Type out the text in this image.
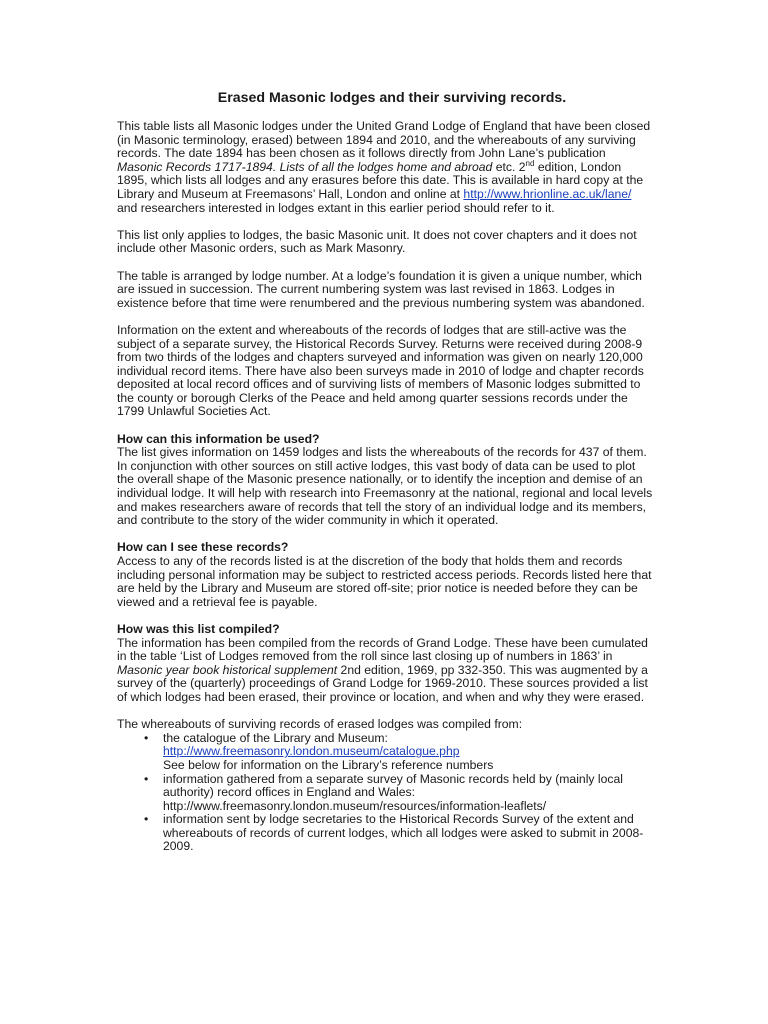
Erased Masonic lodges and their surviving records.

This table lists all Masonic lodges under the United Grand Lodge of England that have been closed (in Masonic terminology, erased) between 1894 and 2010, and the whereabouts of any surviving records. The date 1894 has been chosen as it follows directly from John Lane’s publication Masonic Records 1717-1894. Lists of all the lodges home and abroad etc. 2nd edition, London 1895, which lists all lodges and any erasures before this date. This is available in hard copy at the Library and Museum at Freemasons’ Hall, London and online at http://www.hrionline.ac.uk/lane/ and researchers interested in lodges extant in this earlier period should refer to it.

This list only applies to lodges, the basic Masonic unit. It does not cover chapters and it does not include other Masonic orders, such as Mark Masonry.

The table is arranged by lodge number. At a lodge’s foundation it is given a unique number, which are issued in succession. The current numbering system was last revised in 1863. Lodges in existence before that time were renumbered and the previous numbering system was abandoned.

Information on the extent and whereabouts of the records of lodges that are still-active was the subject of a separate survey, the Historical Records Survey. Returns were received during 2008-9 from two thirds of the lodges and chapters surveyed and information was given on nearly 120,000 individual record items. There have also been surveys made in 2010 of lodge and chapter records deposited at local record offices and of surviving lists of members of Masonic lodges submitted to the county or borough Clerks of the Peace and held among quarter sessions records under the 1799 Unlawful Societies Act.

How can this information be used?
The list gives information on 1459 lodges and lists the whereabouts of the records for 437 of them. In conjunction with other sources on still active lodges, this vast body of data can be used to plot the overall shape of the Masonic presence nationally, or to identify the inception and demise of an individual lodge. It will help with research into Freemasonry at the national, regional and local levels and makes researchers aware of records that tell the story of an individual lodge and its members, and contribute to the story of the wider community in which it operated.

How can I see these records?
Access to any of the records listed is at the discretion of the body that holds them and records including personal information may be subject to restricted access periods. Records listed here that are held by the Library and Museum are stored off-site; prior notice is needed before they can be viewed and a retrieval fee is payable.

How was this list compiled?
The information has been compiled from the records of Grand Lodge. These have been cumulated in the table ‘List of Lodges removed from the roll since last closing up of numbers in 1863’ in Masonic year book historical supplement 2nd edition, 1969, pp 332-350. This was augmented by a survey of the (quarterly) proceedings of Grand Lodge for 1969-2010. These sources provided a list of which lodges had been erased, their province or location, and when and why they were erased.

The whereabouts of surviving records of erased lodges was compiled from:
• the catalogue of the Library and Museum:
http://www.freemasonry.london.museum/catalogue.php
See below for information on the Library’s reference numbers
• information gathered from a separate survey of Masonic records held by (mainly local authority) record offices in England and Wales:
http://www.freemasonry.london.museum/resources/information-leaflets/
• information sent by lodge secretaries to the Historical Records Survey of the extent and whereabouts of records of current lodges, which all lodges were asked to submit in 2008-2009.
